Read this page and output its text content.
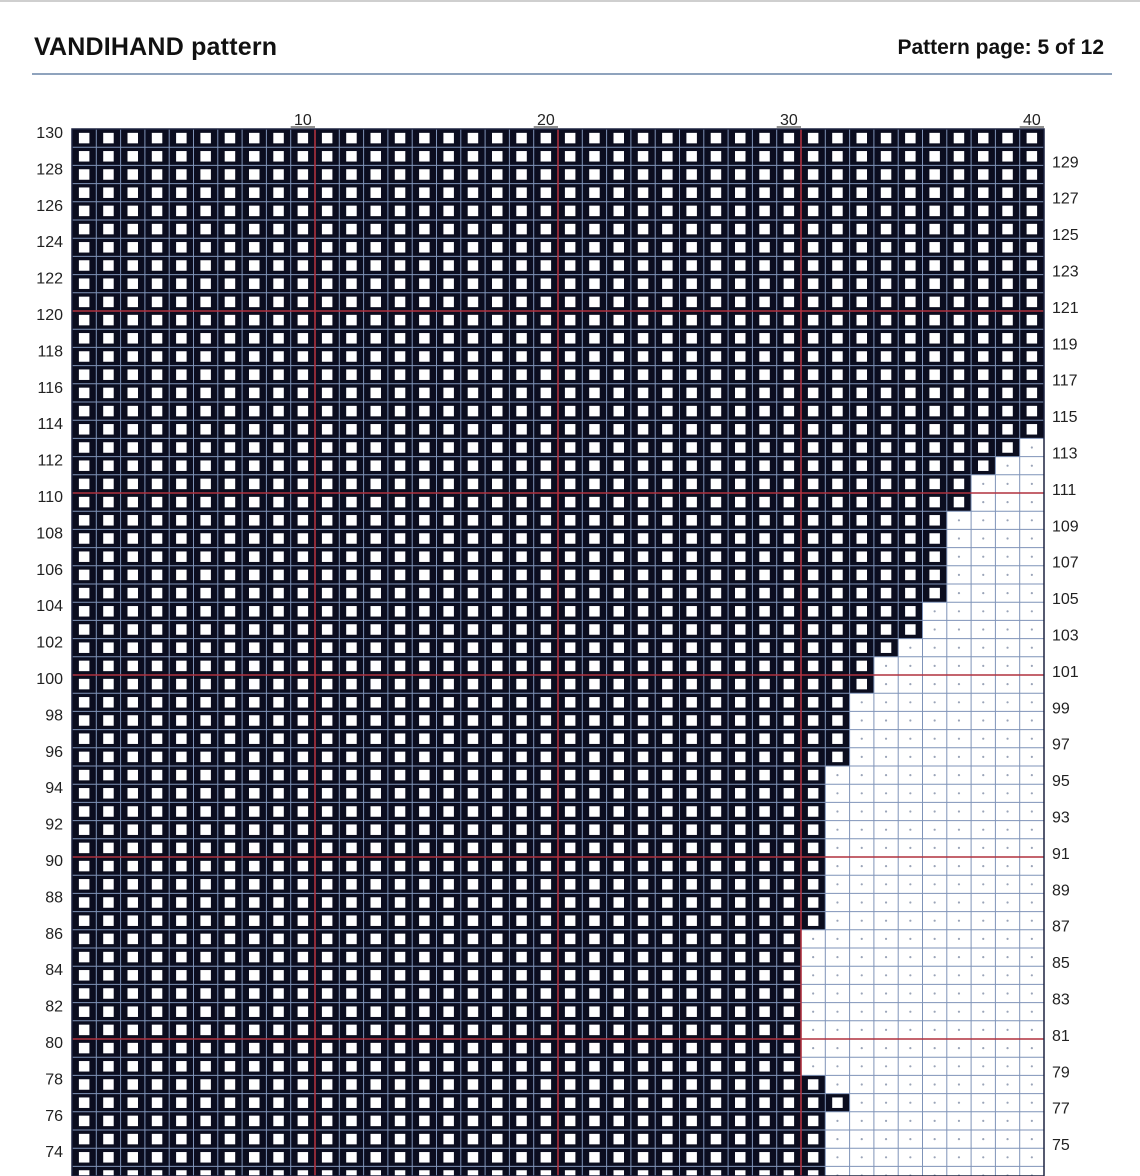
VANDIHAND pattern	Pattern page: 5 of 12
10	20	30	40
130
128
126
124
122
120
118
116
114
112
110
108
106
104
102
100
98
96
94
92
90
88
86
84
82
80
78
76
74
129
127
125
123
121
119
117
115
113
111
109
107
105
103
101
99
97
95
93
91
89
87
85
83
81
79
77
75
